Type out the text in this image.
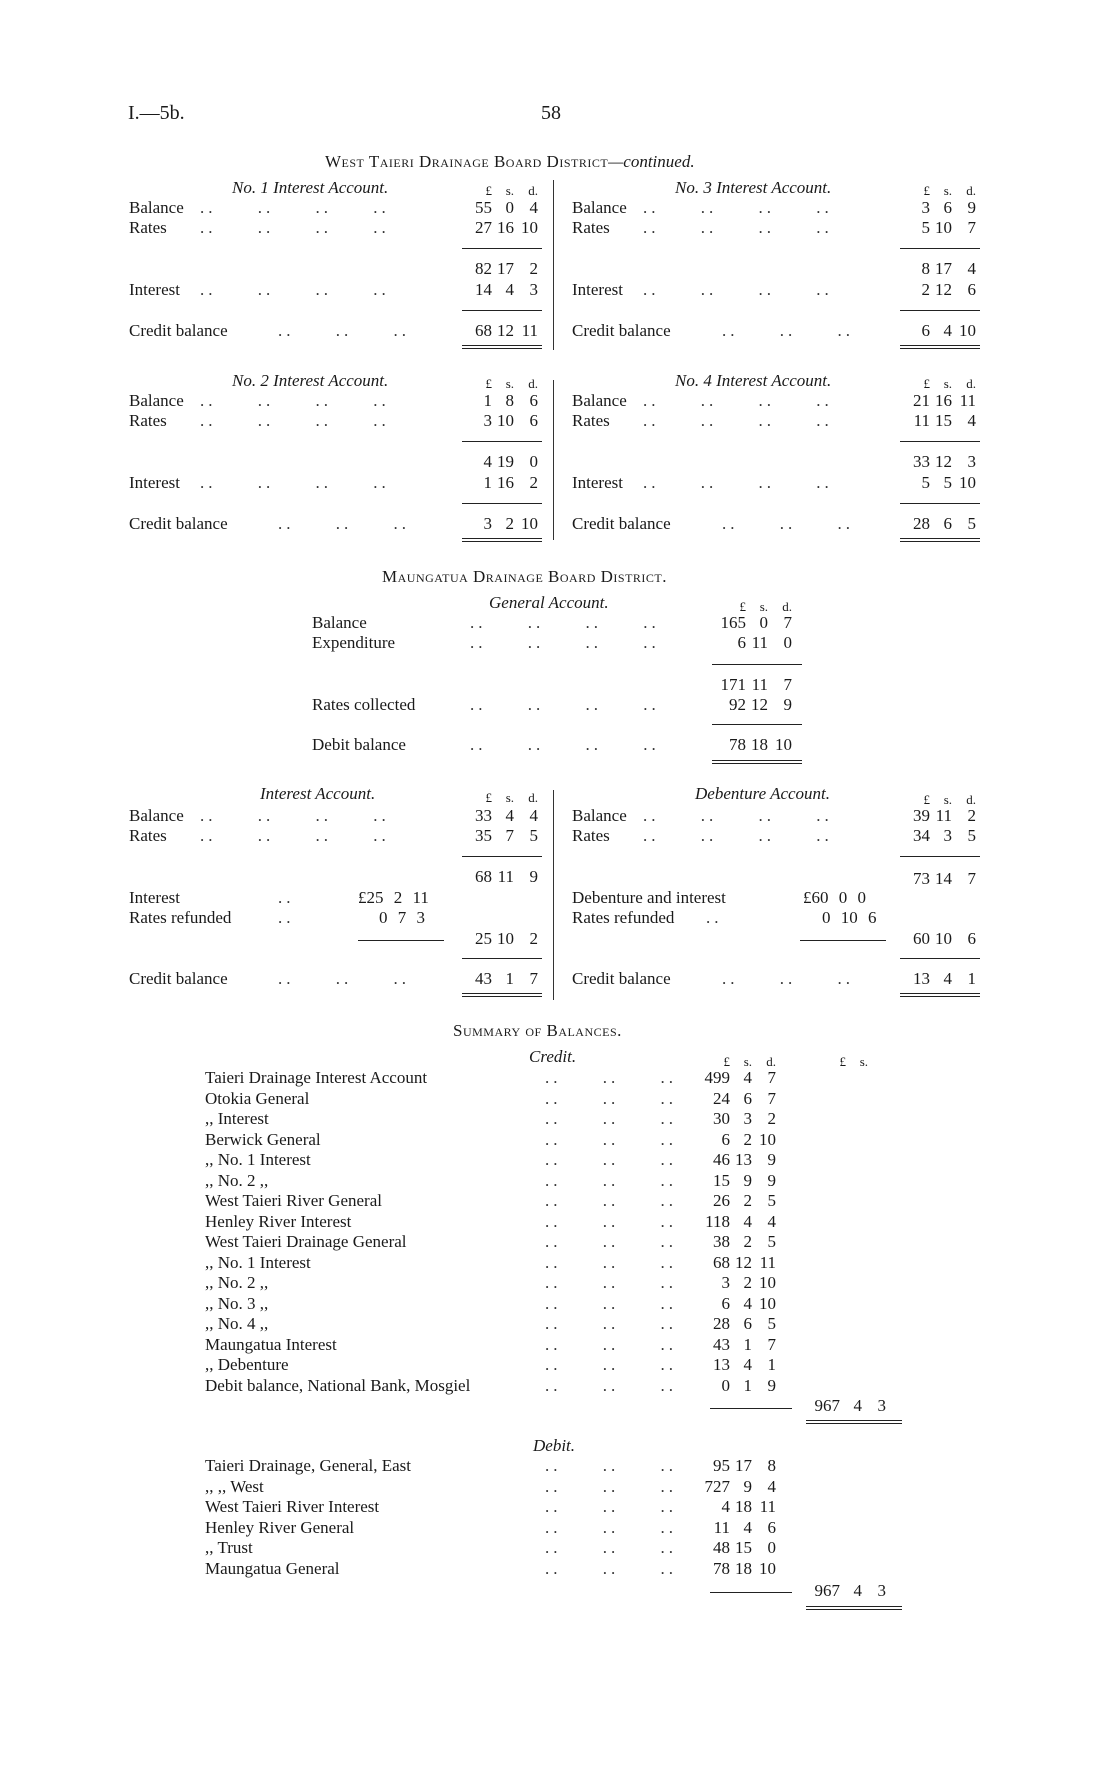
I.—5b.	58
West Taieri Drainage Board District—continued.
No. 1 Interest Account.	£	s.	d.
Balance ..     ..     ..     ..	55 0 4
Rates ..     ..     ..     ..	27 16 10
82 17 2
Interest ..     ..     ..     ..	14 4 3
Credit balance	..     ..     ..	68 12 11
No. 3 Interest Account.	£	s.	d.
Balance ..     ..     ..     ..	3 6 9
Rates ..     ..     ..     ..	5 10 7
8 17 4
Interest ..     ..     ..     ..	2 12 6
Credit balance	..     ..     ..	6 4 10
No. 2 Interest Account.	£	s.	d.
Balance ..     ..     ..     ..	1 8 6
Rates ..     ..     ..     ..	3 10 6
4 19 0
Interest ..     ..     ..     ..	1 16 2
Credit balance	..     ..     ..	3 2 10
No. 4 Interest Account.	£	s.	d.
Balance ..     ..     ..     ..	21 16 11
Rates ..     ..     ..     ..	11 15 4
33 12 3
Interest ..     ..     ..     ..	5 5 10
Credit balance	..     ..     ..	28 6 5
Maungatua Drainage Board District.
General Account.	£	s.	d.
Balance	..     ..     ..     ..	165 0 7
Expenditure	..     ..     ..     ..	6 11 0
171 11 7
Rates collected	..     ..     ..     ..	92 12 9
Debit balance	..     ..     ..     ..	78 18 10
Interest Account.	£	s.	d.
Balance ..     ..     ..     ..	33 4 4
Rates ..     ..     ..     ..	35 7 5
68 11 9
Interest	..	£25 2 11
Rates refunded	..	0 7 3
25 10 2
Credit balance	..     ..     ..	43 1 7
Debenture Account.	£	s.	d.
Balance ..     ..     ..     ..	39 11 2
Rates ..     ..     ..     ..	34 3 5
73 14 7
Debenture and interest	£60 0 0
Rates refunded ..	0 10 6
60 10 6
Credit balance	..     ..     ..	13 4 1
Summary of Balances.
Credit.	£	s.	d.	£	s.
Taieri Drainage Interest Account	..     ..     .. 499 4 7
Otokia General	..     ..     ..	24 6 7
,, Interest	..     ..     ..	30 3 2
Berwick General	..     ..     ..	6 2 10
,, No. 1 Interest	..     ..     ..	46 13 9
,, No. 2 ,,	..     ..     ..	15 9 9
West Taieri River General	..     ..     ..	26 2 5
Henley River Interest	..     ..     ..	118 4 4
West Taieri Drainage General	..     ..     ..	38 2 5
,, No. 1 Interest	..     ..     ..	68 12 11
,, No. 2 ,,	..     ..     ..	3 2 10
,, No. 3 ,,	..     ..     ..	6 4 10
,, No. 4 ,,	..     ..     ..	28 6 5
Maungatua Interest	..     ..     ..	43 1 7
,, Debenture	..     ..     ..	13 4 1
Debit balance, National Bank, Mosgiel	..     ..     ..	0 1 9
967 4 3
Debit.
Taieri Drainage, General, East	..     ..     ..	95 17 8
,, ,, West	..     ..     .. 727 9 4
West Taieri River Interest	..     ..     ..	4 18 11
Henley River General	..     ..     ..	11 4 6
,, Trust	..     ..     ..	48 15 0
Maungatua General	..     ..     ..	78 18 10
967 4 3
